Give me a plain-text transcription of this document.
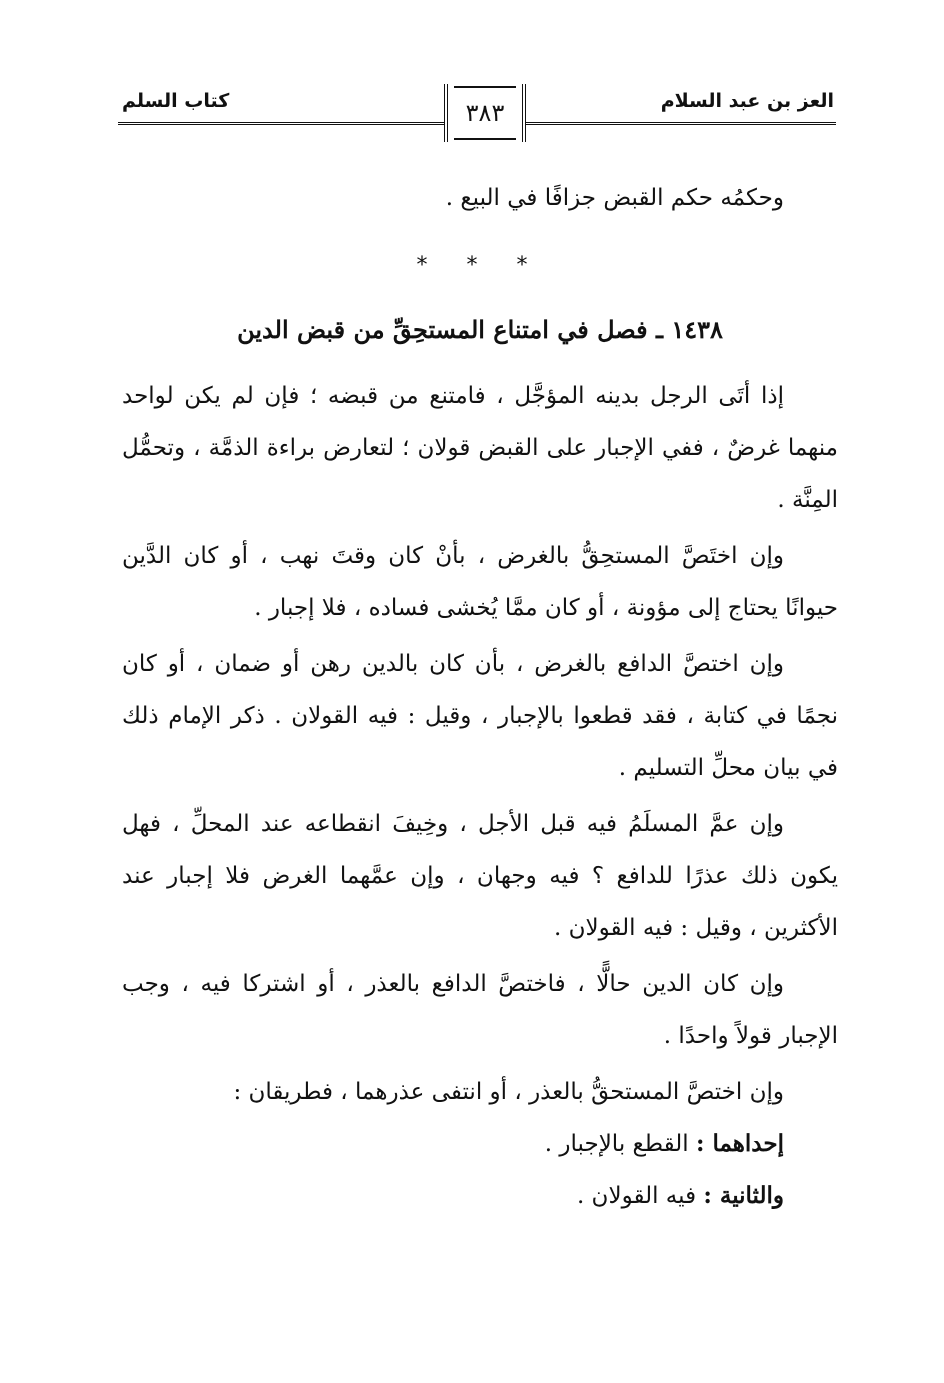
كتاب السلم	٣٨٣	العز بن عبد السلام

وحكمُه حكم القبض جزافًا في البيع .

* * *
١٤٣٨ ـ فصل في امتناع المستحِقِّ من قبض الدين

إذا أتَى الرجل بدينه المؤجَّل ، فامتنع من قبضه ؛ فإن لم يكن لواحد منهما غرضٌ ، ففي الإجبار على القبض قولان ؛ لتعارض براءة الذمَّة ، وتحمُّل المِنَّة .

وإن اختَصَّ المستحِقُّ بالغرض ، بأنْ كان وقتَ نهب ، أو كان الدَّين حيوانًا يحتاج إلى مؤونة ، أو كان ممَّا يُخشى فساده ، فلا إجبار .

وإن اختصَّ الدافع بالغرض ، بأن كان بالدين رهن أو ضمان ، أو كان نجمًا في كتابة ، فقد قطعوا بالإجبار ، وقيل : فيه القولان . ذكر الإمام ذلك في بيان محلِّ التسليم .

وإن عمَّ المسلَمُ فيه قبل الأجل ، وخِيفَ انقطاعه عند المحلِّ ، فهل يكون ذلك عذرًا للدافع ؟ فيه وجهان ، وإن عمَّهما الغرض فلا إجبار عند الأكثرين ، وقيل : فيه القولان .

وإن كان الدين حالًّا ، فاختصَّ الدافع بالعذر ، أو اشتركا فيه ، وجب الإجبار قولاً واحدًا .

وإن اختصَّ المستحقُّ بالعذر ، أو انتفى عذرهما ، فطريقان :

إحداهما : القطع بالإجبار .

والثانية : فيه القولان .
